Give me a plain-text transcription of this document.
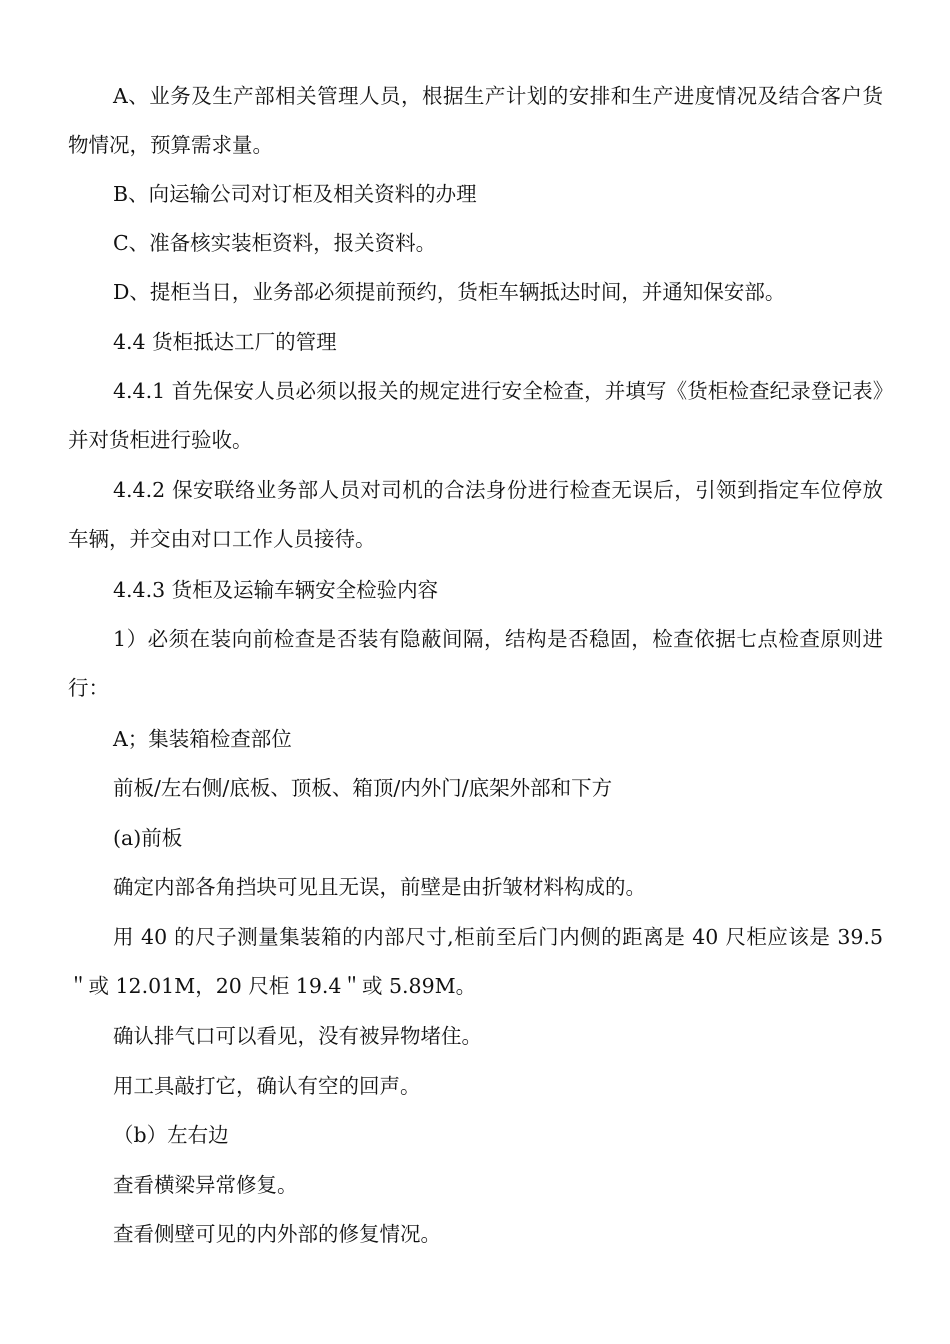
A、业务及生产部相关管理人员，根据生产计划的安排和生产进度情况及结合客户货物情况，预算需求量。

B、向运输公司对订柜及相关资料的办理

C、准备核实装柜资料，报关资料。

D、提柜当日，业务部必须提前预约，货柜车辆抵达时间，并通知保安部。

4.4 货柜抵达工厂的管理

4.4.1 首先保安人员必须以报关的规定进行安全检查，并填写《货柜检查纪录登记表》并对货柜进行验收。

4.4.2 保安联络业务部人员对司机的合法身份进行检查无误后，引领到指定车位停放车辆，并交由对口工作人员接待。

4.4.3 货柜及运输车辆安全检验内容

1）必须在装向前检查是否装有隐蔽间隔，结构是否稳固，检查依据七点检查原则进行：

A；集装箱检查部位

前板/左右侧/底板、顶板、箱顶/内外门/底架外部和下方

(a)前板

确定内部各角挡块可见且无误，前壁是由折皱材料构成的。

用 40 的尺子测量集装箱的内部尺寸,柜前至后门内侧的距离是 40 尺柜应该是 39.5＂或 12.01M，20 尺柜 19.4＂或 5.89M。

确认排气口可以看见，没有被异物堵住。

用工具敲打它，确认有空的回声。

（b）左右边

查看横梁异常修复。

查看侧壁可见的内外部的修复情况。
